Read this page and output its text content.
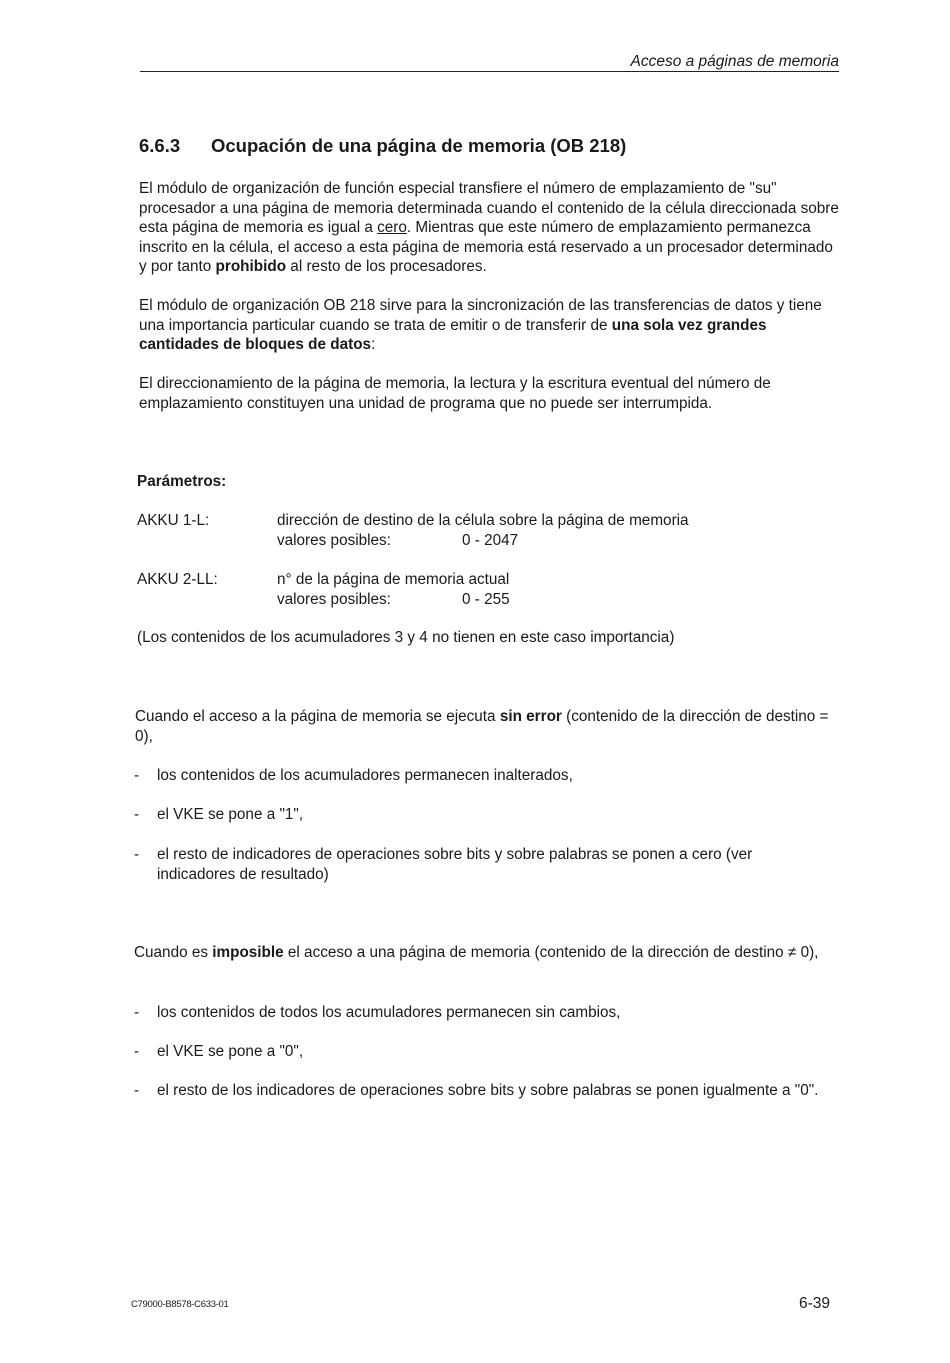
Acceso a páginas de memoria
6.6.3 Ocupación de una página de memoria (OB 218)

El módulo de organización de función especial transfiere el número de emplazamiento de "su" procesador a una página de memoria determinada cuando el contenido de la célula direccionada sobre esta página de memoria es igual a cero. Mientras que este número de emplazamiento permanezca inscrito en la célula, el acceso a esta página de memoria está reservado a un procesador determinado y por tanto prohibido al resto de los procesadores.

El módulo de organización OB 218 sirve para la sincronización de las transferencias de datos y tiene una importancia particular cuando se trata de emitir o de transferir de una sola vez grandes cantidades de bloques de datos:

El direccionamiento de la página de memoria, la lectura y la escritura eventual del número de emplazamiento constituyen una unidad de programa que no puede ser interrumpida.

Parámetros:
AKKU 1-L:	dirección de destino de la célula sobre la página de memoria
valores posibles:	0 - 2047
AKKU 2-LL:	n° de la página de memoria actual
valores posibles:	0 - 255

(Los contenidos de los acumuladores 3 y 4 no tienen en este caso importancia)

Cuando el acceso a la página de memoria se ejecuta sin error (contenido de la dirección de destino = 0),

- los contenidos de los acumuladores permanecen inalterados,
- el VKE se pone a "1",
- el resto de indicadores de operaciones sobre bits y sobre palabras se ponen a cero (ver indicadores de resultado)

Cuando es imposible el acceso a una página de memoria (contenido de la dirección de destino ≠ 0),

- los contenidos de todos los acumuladores permanecen sin cambios,
- el VKE se pone a "0",
- el resto de los indicadores de operaciones sobre bits y sobre palabras se ponen igualmente a "0".
C79000-B8578-C633-01	6-39
